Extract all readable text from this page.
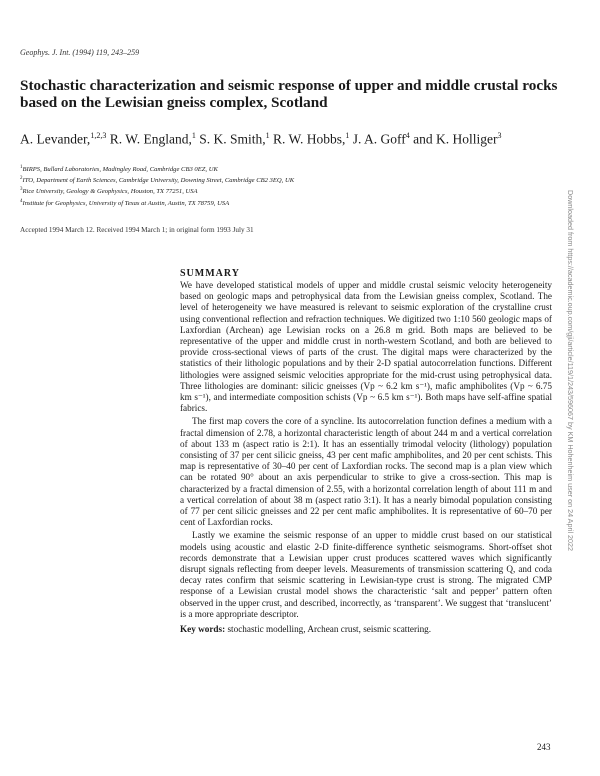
Geophys. J. Int. (1994) 119, 243–259
Stochastic characterization and seismic response of upper and middle crustal rocks based on the Lewisian gneiss complex, Scotland

A. Levander,$^{1,2,3}$ R. W. England,$^1$ S. K. Smith,$^1$ R. W. Hobbs,$^1$ J. A. Goff$^4$ and K. Holliger$^3$

$^1$BIRPS, Bullard Laboratories, Madingley Road, Cambridge CB3 0EZ, UK
$^2$ITO, Department of Earth Sciences, Cambridge University, Downing Street, Cambridge CB2 3EQ, UK
$^3$Rice University, Geology & Geophysics, Houston, TX 77251, USA
$^4$Institute for Geophysics, University of Texas at Austin, Austin, TX 78759, USA
Accepted 1994 March 12. Received 1994 March 1; in original form 1993 July 31	Downloaded from https://academic.oup.com/gji/article/119/1/243/596067 by KM Hohenheim user on 24 April 2022
SUMMARY

We have developed statistical models of upper and middle crustal seismic velocity heterogeneity based on geologic maps and petrophysical data from the Lewisian gneiss complex, Scotland. The level of heterogeneity we have measured is relevant to seismic exploration of the crystalline crust using conventional reflection and refraction techniques. We digitized two 1:10 560 geologic maps of Laxfordian (Archean) age Lewisian rocks on a 26.8 m grid. Both maps are believed to be representative of the upper and middle crust in north-western Scotland, and both are believed to provide cross-sectional views of parts of the crust. The digital maps were characterized by the statistics of their lithologic populations and by their 2-D spatial autocorrelation functions. Different lithologies were assigned seismic velocities appropriate for the mid-crust using petrophysical data. Three lithologies are dominant: silicic gneisses (Vp ~ 6.2 km s⁻¹), mafic amphibolites (Vp ~ 6.75 km s⁻¹), and intermediate composition schists (Vp ~ 6.5 km s⁻¹). Both maps have self-affine spatial fabrics.

The first map covers the core of a syncline. Its autocorrelation function defines a medium with a fractal dimension of 2.78, a horizontal characteristic length of about 244 m and a vertical correlation of about 133 m (aspect ratio is 2:1). It has an essentially trimodal velocity (lithology) population consisting of 37 per cent silicic gneiss, 43 per cent mafic amphibolites, and 20 per cent schists. This map is representative of 30–40 per cent of Laxfordian rocks. The second map is a plan view which can be rotated 90° about an axis perpendicular to strike to give a cross-section. This map is characterized by a fractal dimension of 2.55, with a horizontal correlation length of about 111 m and a vertical correlation of about 38 m (aspect ratio 3:1). It has a nearly bimodal population consisting of 77 per cent silicic gneisses and 22 per cent mafic amphibolites. It is representative of 60–70 per cent of Laxfordian rocks.

Lastly we examine the seismic response of an upper to middle crust based on our statistical models using acoustic and elastic 2-D finite-difference synthetic seismograms. Short-offset shot records demonstrate that a Lewisian upper crust produces scattered waves which significantly disrupt signals reflecting from deeper levels. Measurements of transmission scattering Q, and coda decay rates confirm that seismic scattering in Lewisian-type crust is strong. The migrated CMP response of a Lewisian crustal model shows the characteristic ‘salt and pepper’ pattern often observed in the upper crust, and described, incorrectly, as ‘transparent’. We suggest that ‘translucent’ is a more appropriate descriptor.

Key words: stochastic modelling, Archean crust, seismic scattering.
243
